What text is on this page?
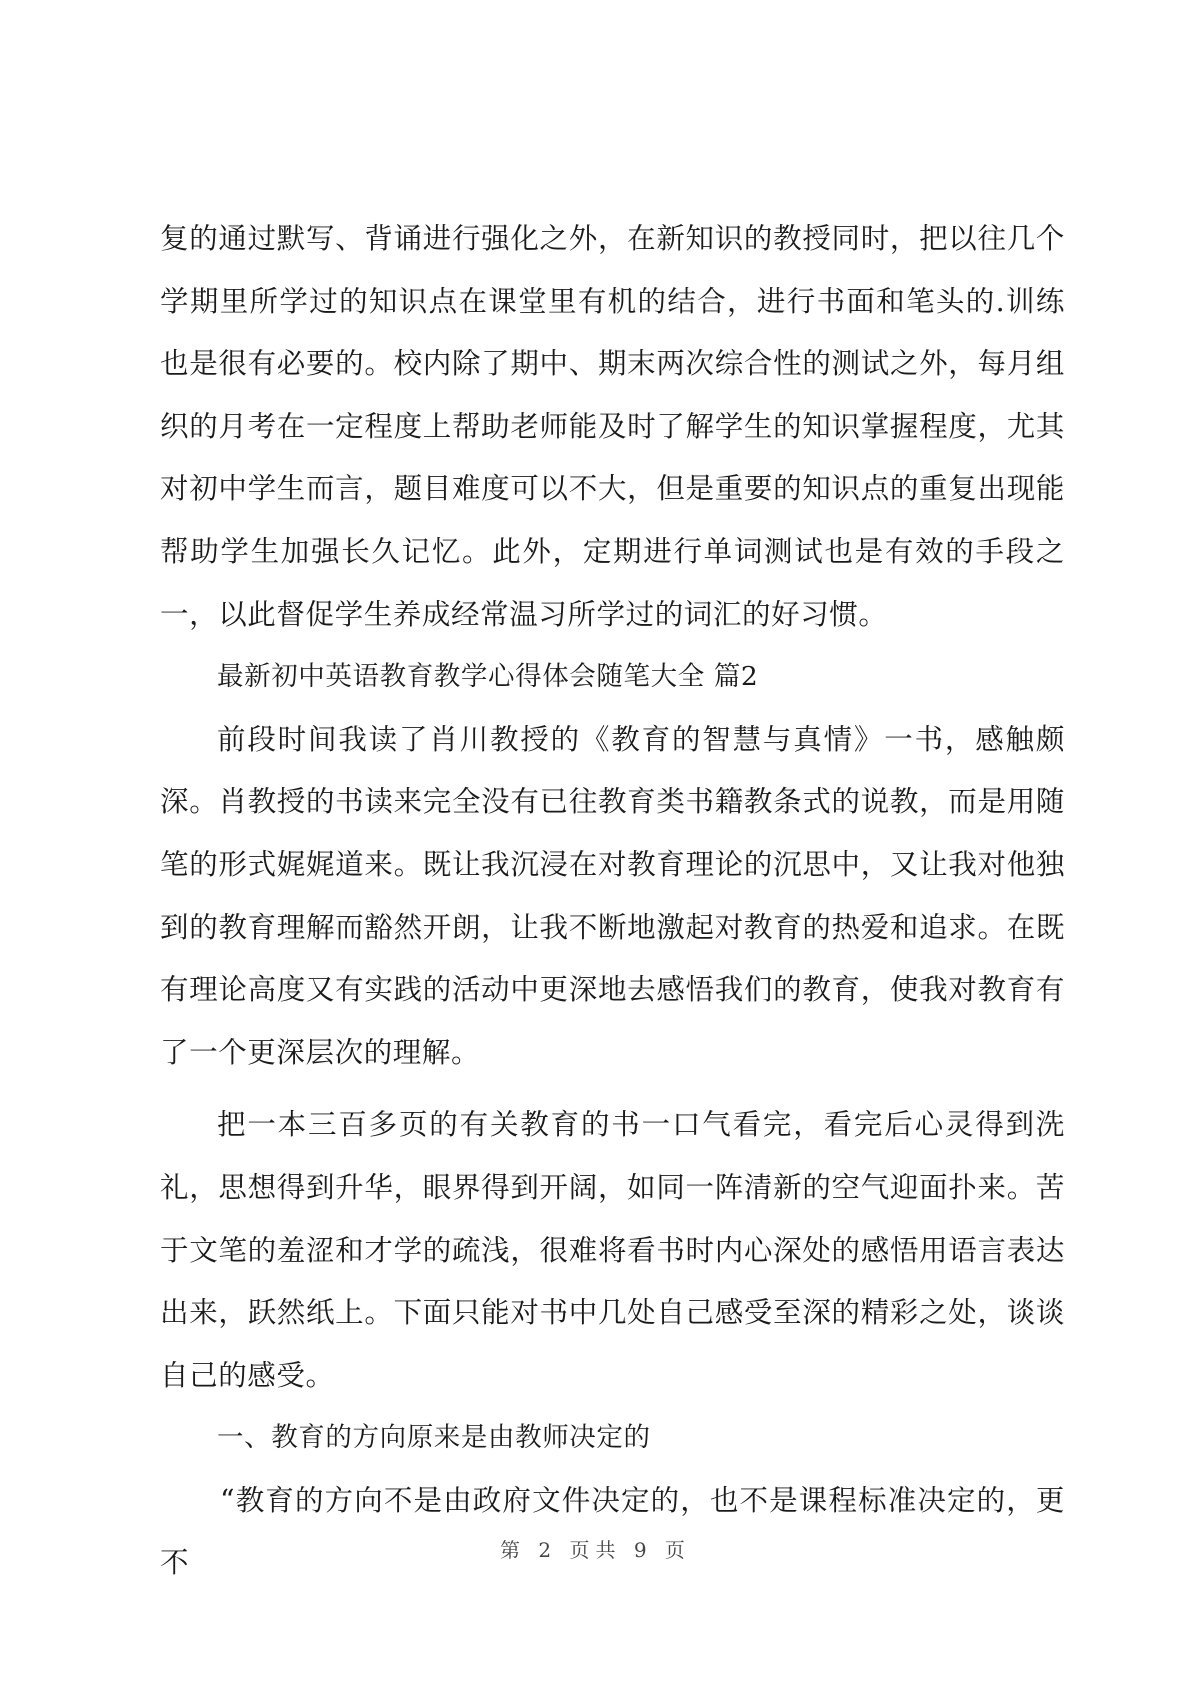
复的通过默写、背诵进行强化之外，在新知识的教授同时，把以往几个学期里所学过的知识点在课堂里有机的结合，进行书面和笔头的.训练也是很有必要的。校内除了期中、期末两次综合性的测试之外，每月组织的月考在一定程度上帮助老师能及时了解学生的知识掌握程度，尤其对初中学生而言，题目难度可以不大，但是重要的知识点的重复出现能帮助学生加强长久记忆。此外，定期进行单词测试也是有效的手段之一，以此督促学生养成经常温习所学过的词汇的好习惯。

最新初中英语教育教学心得体会随笔大全 篇2

前段时间我读了肖川教授的《教育的智慧与真情》一书，感触颇深。肖教授的书读来完全没有已往教育类书籍教条式的说教，而是用随笔的形式娓娓道来。既让我沉浸在对教育理论的沉思中，又让我对他独到的教育理解而豁然开朗，让我不断地激起对教育的热爱和追求。在既有理论高度又有实践的活动中更深地去感悟我们的教育，使我对教育有了一个更深层次的理解。

把一本三百多页的有关教育的书一口气看完，看完后心灵得到洗礼，思想得到升华，眼界得到开阔，如同一阵清新的空气迎面扑来。苦于文笔的羞涩和才学的疏浅，很难将看书时内心深处的感悟用语言表达出来，跃然纸上。下面只能对书中几处自己感受至深的精彩之处，谈谈自己的感受。

一、教育的方向原来是由教师决定的

“教育的方向不是由政府文件决定的，也不是课程标准决定的，更不	第 2 页共 9 页
